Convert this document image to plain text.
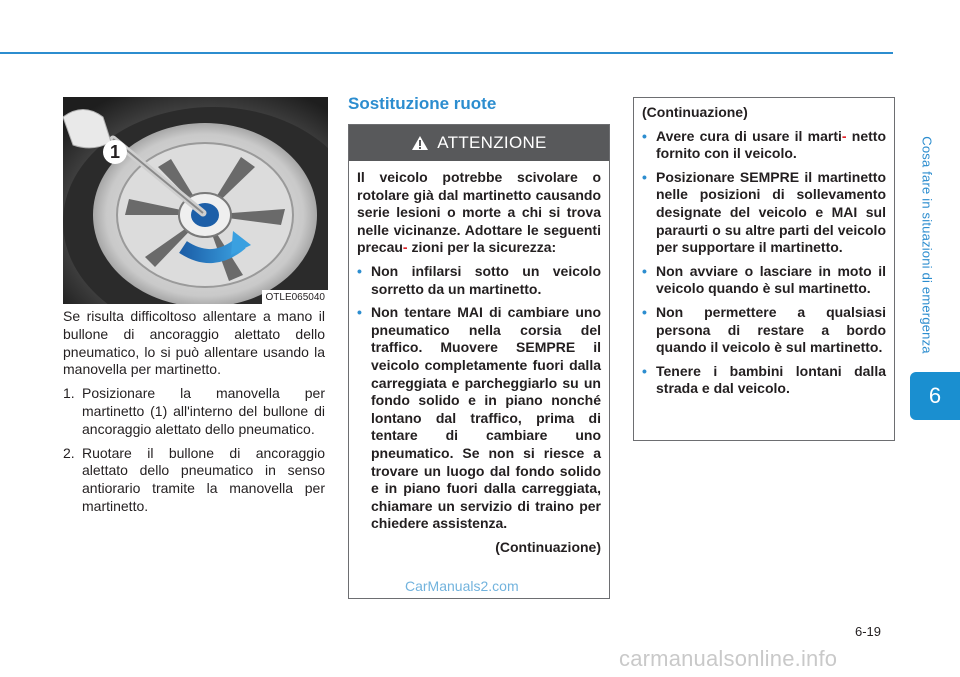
Cosa fare in situazioni di emergenza
6
1
OTLE065040

Se risulta difficoltoso allentare a mano il bullone di ancoraggio alettato dello pneumatico, lo si può allentare usando la manovella per martinetto.

1. Posizionare la manovella per martinetto (1) all'interno del bullone di ancoraggio alettato dello pneumatico.
2. Ruotare il bullone di ancoraggio alettato dello pneumatico in senso antiorario tramite la manovella per martinetto.
Sostituzione ruote
ATTENZIONE

Il veicolo potrebbe scivolare o rotolare già dal martinetto causando serie lesioni o morte a chi si trova nelle vicinanze. Adottare le seguenti precau- zioni per la sicurezza:

• Non infilarsi sotto un veicolo sorretto da un martinetto.
• Non tentare MAI di cambiare uno pneumatico nella corsia del traffico. Muovere SEMPRE il veicolo completamente fuori dalla carreggiata e parcheggiarlo su un fondo solido e in piano nonché lontano dal traffico, prima di tentare di cambiare uno pneumatico. Se non si riesce a trovare un luogo dal fondo solido e in piano fuori dalla carreggiata, chiamare un servizio di traino per chiedere assistenza.
(Continuazione)
(Continuazione)
• Avere cura di usare il marti- netto fornito con il veicolo.
• Posizionare SEMPRE il martinetto nelle posizioni di sollevamento designate del veicolo e MAI sul paraurti o su altre parti del veicolo per supportare il martinetto.
• Non avviare o lasciare in moto il veicolo quando è sul martinetto.
• Non permettere a qualsiasi persona di restare a bordo quando il veicolo è sul martinetto.
• Tenere i bambini lontani dalla strada e dal veicolo.
6-19
CarManuals2.com
carmanualsonline.info
